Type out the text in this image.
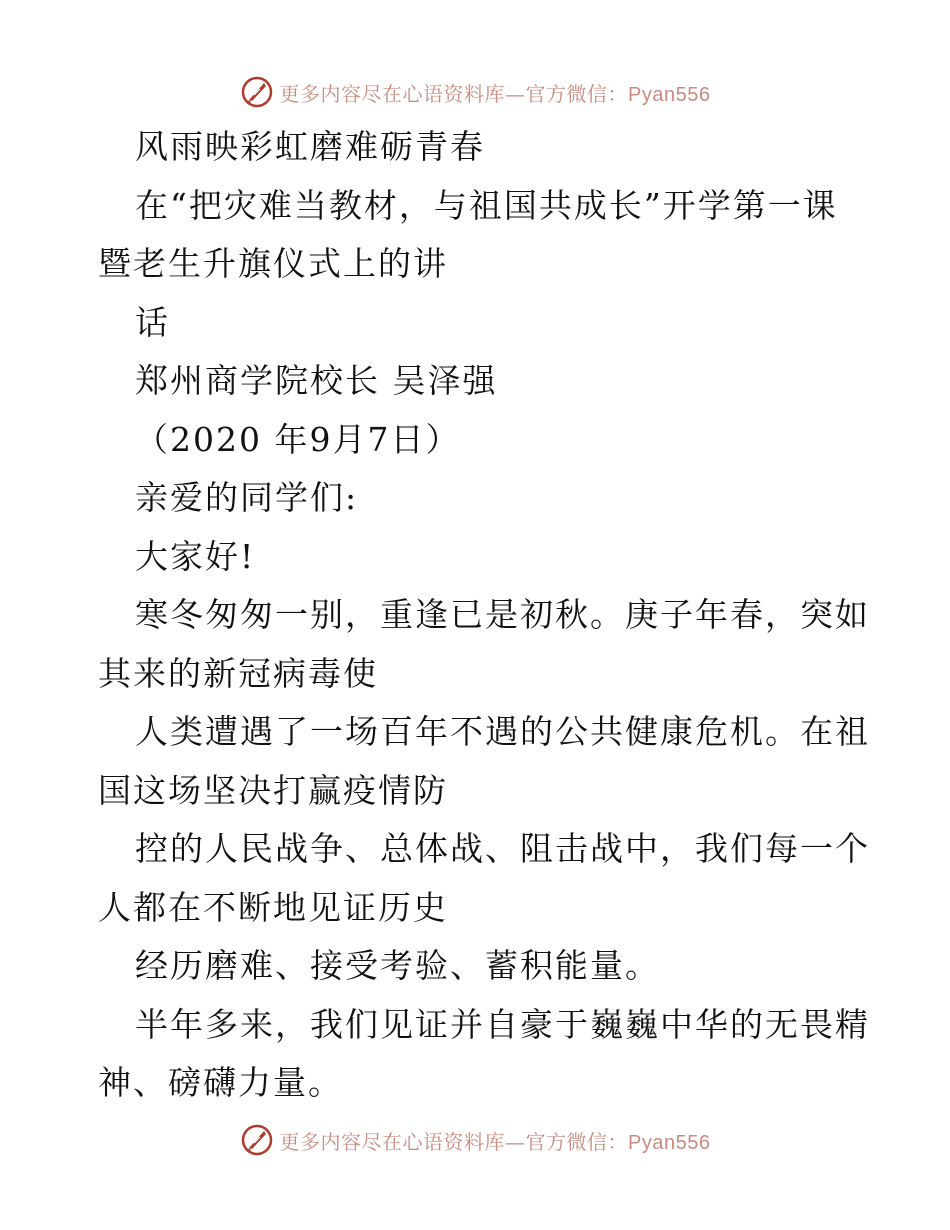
更多内容尽在心语资料库—官方微信：Pyan556
风雨映彩虹磨难砺青春
在“把灾难当教材，与祖国共成长”开学第一课
暨老生升旗仪式上的讲
话
郑州商学院校长 吴泽强
（2020 年9月7日）
亲爱的同学们:
大家好!
寒冬匆匆一别，重逢已是初秋。庚子年春，突如
其来的新冠病毒使
人类遭遇了一场百年不遇的公共健康危机。在祖
国这场坚决打赢疫情防
控的人民战争、总体战、阻击战中，我们每一个
人都在不断地见证历史
经历磨难、接受考验、蓄积能量。
半年多来，我们见证并自豪于巍巍中华的无畏精
神、磅礴力量。
更多内容尽在心语资料库—官方微信：Pyan556
